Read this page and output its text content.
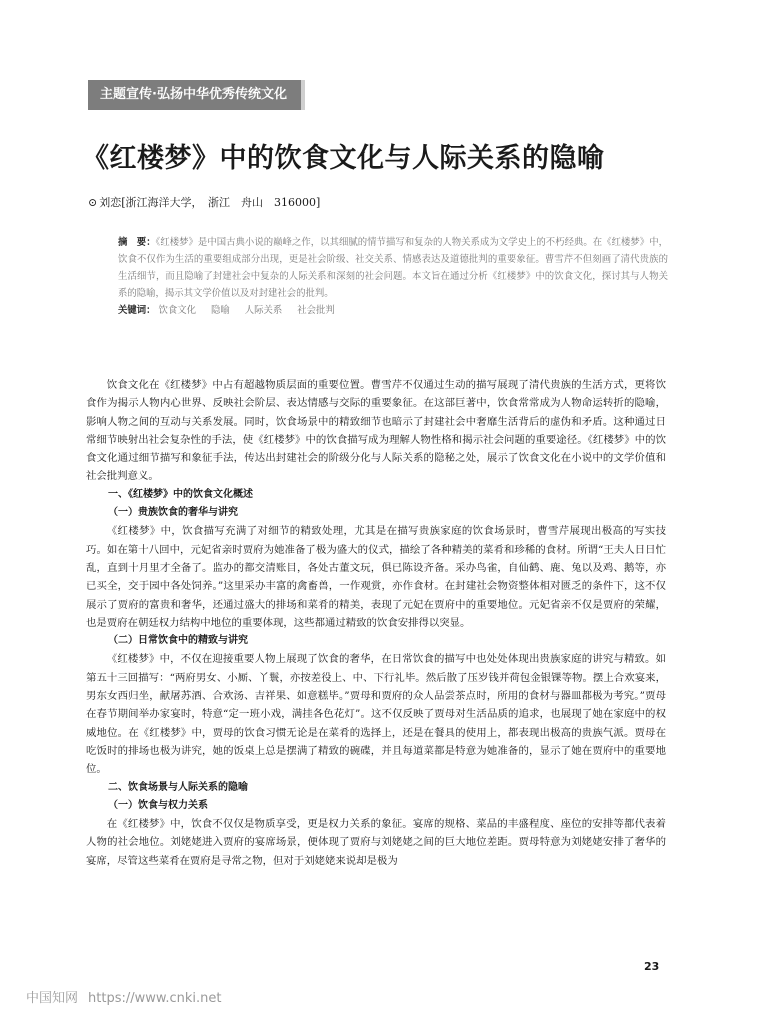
主题宣传·弘扬中华优秀传统文化
《红楼梦》中的饮食文化与人际关系的隐喻
⊙ 刘恋[浙江海洋大学，　浙江　舟山　316000]
摘　要：《红楼梦》是中国古典小说的巅峰之作，以其细腻的情节描写和复杂的人物关系成为文学史上的不朽经典。在《红楼梦》中，饮食不仅作为生活的重要组成部分出现，更是社会阶级、社交关系、情感表达及道德批判的重要象征。曹雪芹不但刻画了清代贵族的生活细节，而且隐喻了封建社会中复杂的人际关系和深刻的社会问题。本文旨在通过分析《红楼梦》中的饮食文化，探讨其与人物关系的隐喻，揭示其文学价值以及对封建社会的批判。
关键词： 饮食文化 隐喻 人际关系 社会批判

饮食文化在《红楼梦》中占有超越物质层面的重要位置。曹雪芹不仅通过生动的描写展现了清代贵族的生活方式，更将饮食作为揭示人物内心世界、反映社会阶层、表达情感与交际的重要象征。在这部巨著中，饮食常常成为人物命运转折的隐喻，影响人物之间的互动与关系发展。同时，饮食场景中的精致细节也暗示了封建社会中奢靡生活背后的虚伪和矛盾。这种通过日常细节映射出社会复杂性的手法，使《红楼梦》中的饮食描写成为理解人物性格和揭示社会问题的重要途径。《红楼梦》中的饮食文化通过细节描写和象征手法，传达出封建社会的阶级分化与人际关系的隐秘之处，展示了饮食文化在小说中的文学价值和社会批判意义。

一、《红楼梦》中的饮食文化概述
（一）贵族饮食的奢华与讲究

《红楼梦》中，饮食描写充满了对细节的精致处理，尤其是在描写贵族家庭的饮食场景时，曹雪芹展现出极高的写实技巧。如在第十八回中，元妃省亲时贾府为她准备了极为盛大的仪式，描绘了各种精美的菜肴和珍稀的食材。所谓“王夫人日日忙乱，直到十月里才全备了。监办的都交清账目，各处古董文玩，俱已陈设齐备。采办鸟雀，自仙鹤、鹿、兔以及鸡、鹅等，亦已买全，交于园中各处饲养。”这里采办丰富的禽畜兽，一作观赏，亦作食材。在封建社会物资整体相对匮乏的条件下，这不仅展示了贾府的富贵和奢华，还通过盛大的排场和菜肴的精美，表现了元妃在贾府中的重要地位。元妃省亲不仅是贾府的荣耀，也是贾府在朝廷权力结构中地位的重要体现，这些都通过精致的饮食安排得以突显。

（二）日常饮食中的精致与讲究

《红楼梦》中，不仅在迎接重要人物上展现了饮食的奢华，在日常饮食的描写中也处处体现出贵族家庭的讲究与精致。如第五十三回描写：“两府男女、小厮、丫鬟，亦按差役上、中、下行礼毕。然后散了压岁钱并荷包金银锞等物。摆上合欢宴来，男东女西归坐，献屠苏酒、合欢汤、吉祥果、如意糕毕。”贾母和贾府的众人品尝茶点时，所用的食材与器皿都极为考究。”贾母在春节期间举办家宴时，特意“定一班小戏，满挂各色花灯”。这不仅反映了贾母对生活品质的追求，也展现了她在家庭中的权威地位。在《红楼梦》中，贾母的饮食习惯无论是在菜肴的选择上，还是在餐具的使用上，都表现出极高的贵族气派。贾母在吃饭时的排场也极为讲究，她的饭桌上总是摆满了精致的碗碟，并且每道菜都是特意为她准备的，显示了她在贾府中的重要地位。

二、饮食场景与人际关系的隐喻
（一）饮食与权力关系

在《红楼梦》中，饮食不仅仅是物质享受，更是权力关系的象征。宴席的规格、菜品的丰盛程度、座位的安排等都代表着人物的社会地位。刘姥姥进入贾府的宴席场景，便体现了贾府与刘姥姥之间的巨大地位差距。贾母特意为刘姥姥安排了奢华的宴席，尽管这些菜肴在贾府是寻常之物，但对于刘姥姥来说却是极为

23
中国知网 https://www.cnki.net
